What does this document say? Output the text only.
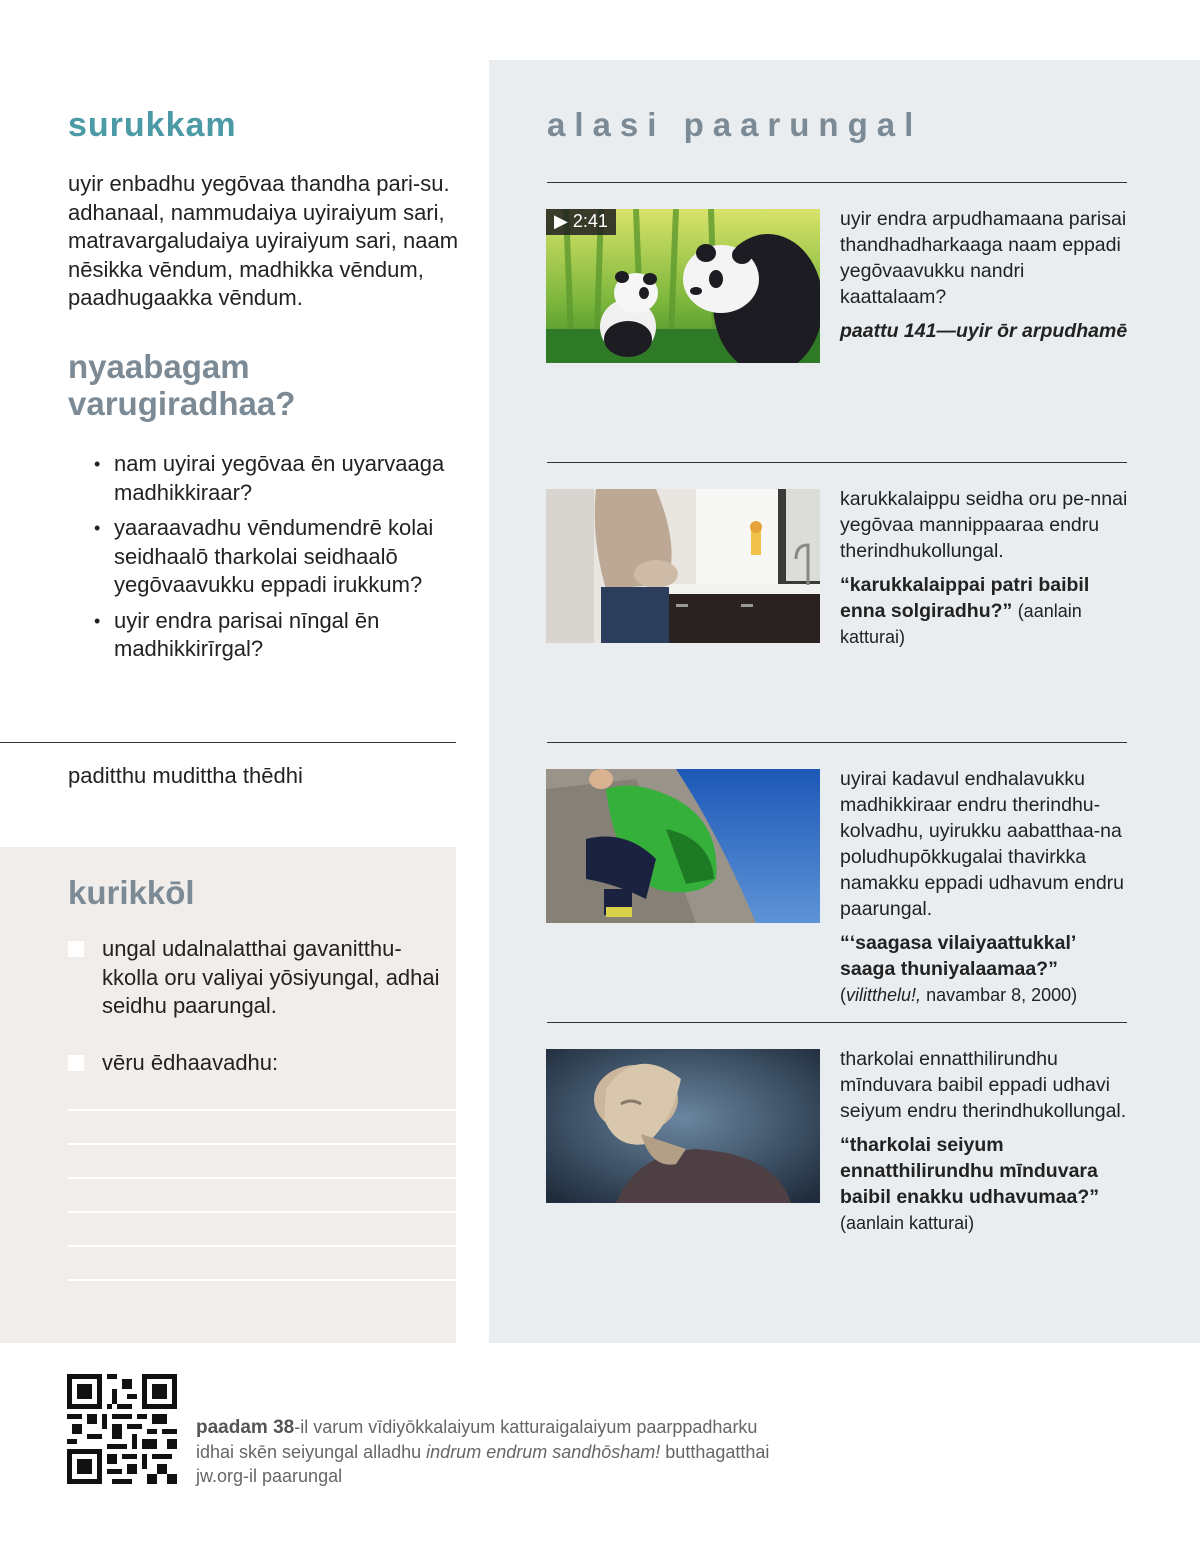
surukkam
uyir enbadhu yegōvaa thandha pari-su. adhanaal, nammudaiya uyiraiyum sari, matravargaludaiya uyiraiyum sari, naam nēsikka vēndum, madhikka vēndum, paadhugaakka vēndum.
nyaabagam
varugiradhaa?
• nam uyirai yegōvaa ēn uyarvaaga madhikkiraar?
• yaaraavadhu vēndumendrē kolai seidhaalō tharkolai seidhaalō yegōvaavukku eppadi irukkum?
• uyir endra parisai nīngal ēn madhikkirīrgal?
paditthu mudittha thēdhi
kurikkōl
ungal udalnalatthai gavanitthu-kkolla oru valiyai yōsiyungal, adhai seidhu paarungal.
vēru ēdhaavadhu:
alasi paarungal
▶ 2:41	uyir endra arpudhamaana parisai thandhadharkaaga naam eppadi yegōvaavukku nandri kaattalaam?
paattu 141—uyir ōr arpudhamē
karukkalaippu seidha oru pe-nnai yegōvaa mannippaaraa endru therindhukollungal.
“karukkalaippai patri baibil enna solgiradhu?” (aanlain katturai)
uyirai kadavul endhalavukku madhikkiraar endru therindhu-kolvadhu, uyirukku aabatthaa-na poludhupōkkugalai thavirkka namakku eppadi udhavum endru paarungal.
“‘saagasa vilaiyaattukkal’ saaga thuniyalaamaa?”
(vilitthelu!, navambar 8, 2000)
tharkolai ennatthilirundhu mīnduvara baibil eppadi udhavi seiyum endru therindhukollungal.
“tharkolai seiyum ennatthilirundhu mīnduvara baibil enakku udhavumaa?”
(aanlain katturai)
paadam 38-il varum vīdiyōkkalaiyum katturaigalaiyum paarppadharku
idhai skēn seiyungal alladhu indrum endrum sandhōsham! butthagatthai
jw.org-il paarungal
